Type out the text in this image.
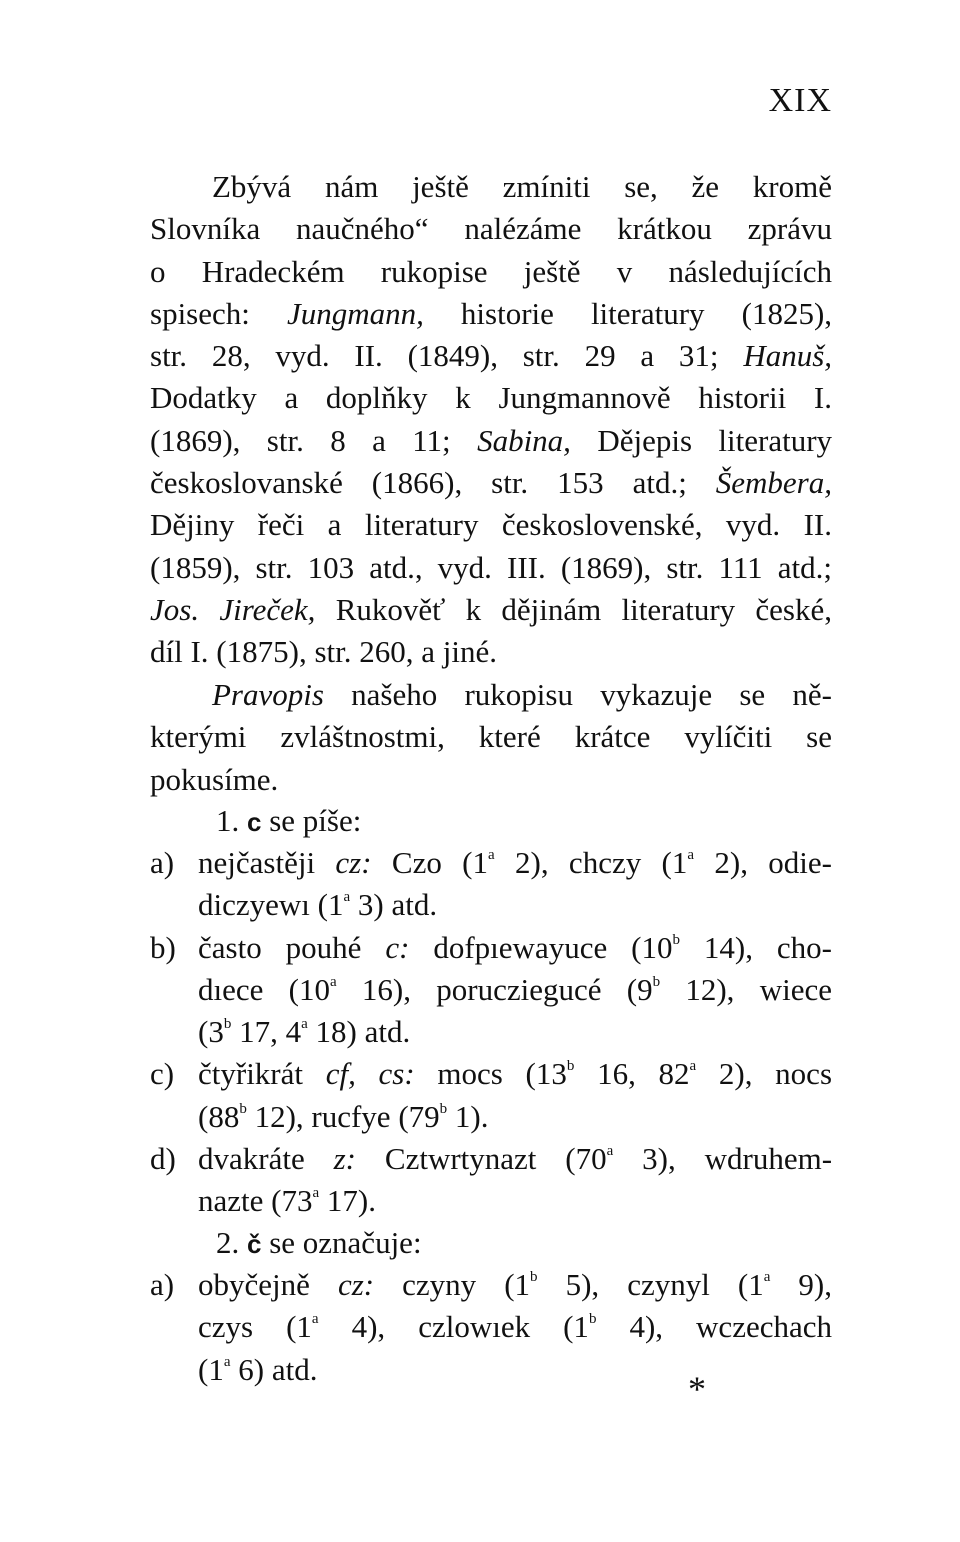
XIX
Zbývá nám ještě zmíniti se, že kromě
Slovníka naučného“ nalézáme krátkou zprávu
o Hradeckém rukopise ještě v následujících
spisech: Jungmann, historie literatury (1825),
str. 28, vyd. II. (1849), str. 29 a 31; Hanuš,
Dodatky a doplňky k Jungmannově historii I.
(1869), str. 8 a 11; Sabina, Dějepis literatury
českoslovanské (1866), str. 153 atd.; Šembera,
Dějiny řeči a literatury československé, vyd. II.
(1859), str. 103 atd., vyd. III. (1869), str. 111 atd.;
Jos. Jireček, Rukověť k dějinám literatury české,
díl I. (1875), str. 260, a jiné.
Pravopis našeho rukopisu vykazuje se ně-
kterými zvláštnostmi, které krátce vylíčiti se
pokusíme.
1. c se píše:
a) nejčastěji cz: Czo (1$^a$ 2), chczy (1$^a$ 2), odie-
diczyewı (1$^a$ 3) atd.
b) často pouhé c: dofpıewayuce (10$^b$ 14), cho-
dıece (10$^a$ 16), porucziegucé (9$^b$ 12), wiece
(3$^b$ 17, 4$^a$ 18) atd.
c) čtyřikrát cf, cs: mocs (13$^b$ 16, 82$^a$ 2), nocs
(88$^b$ 12), rucfye (79$^b$ 1).
d) dvakráte z: Cztwrtynazt (70$^a$ 3), wdruhem-
nazte (73$^a$ 17).
2. č se označuje:
a) obyčejně cz: czyny (1$^b$ 5), czynyl (1$^a$ 9),
czys (1$^a$ 4), czlowıek (1$^b$ 4), wczechach
(1$^a$ 6) atd.	*
